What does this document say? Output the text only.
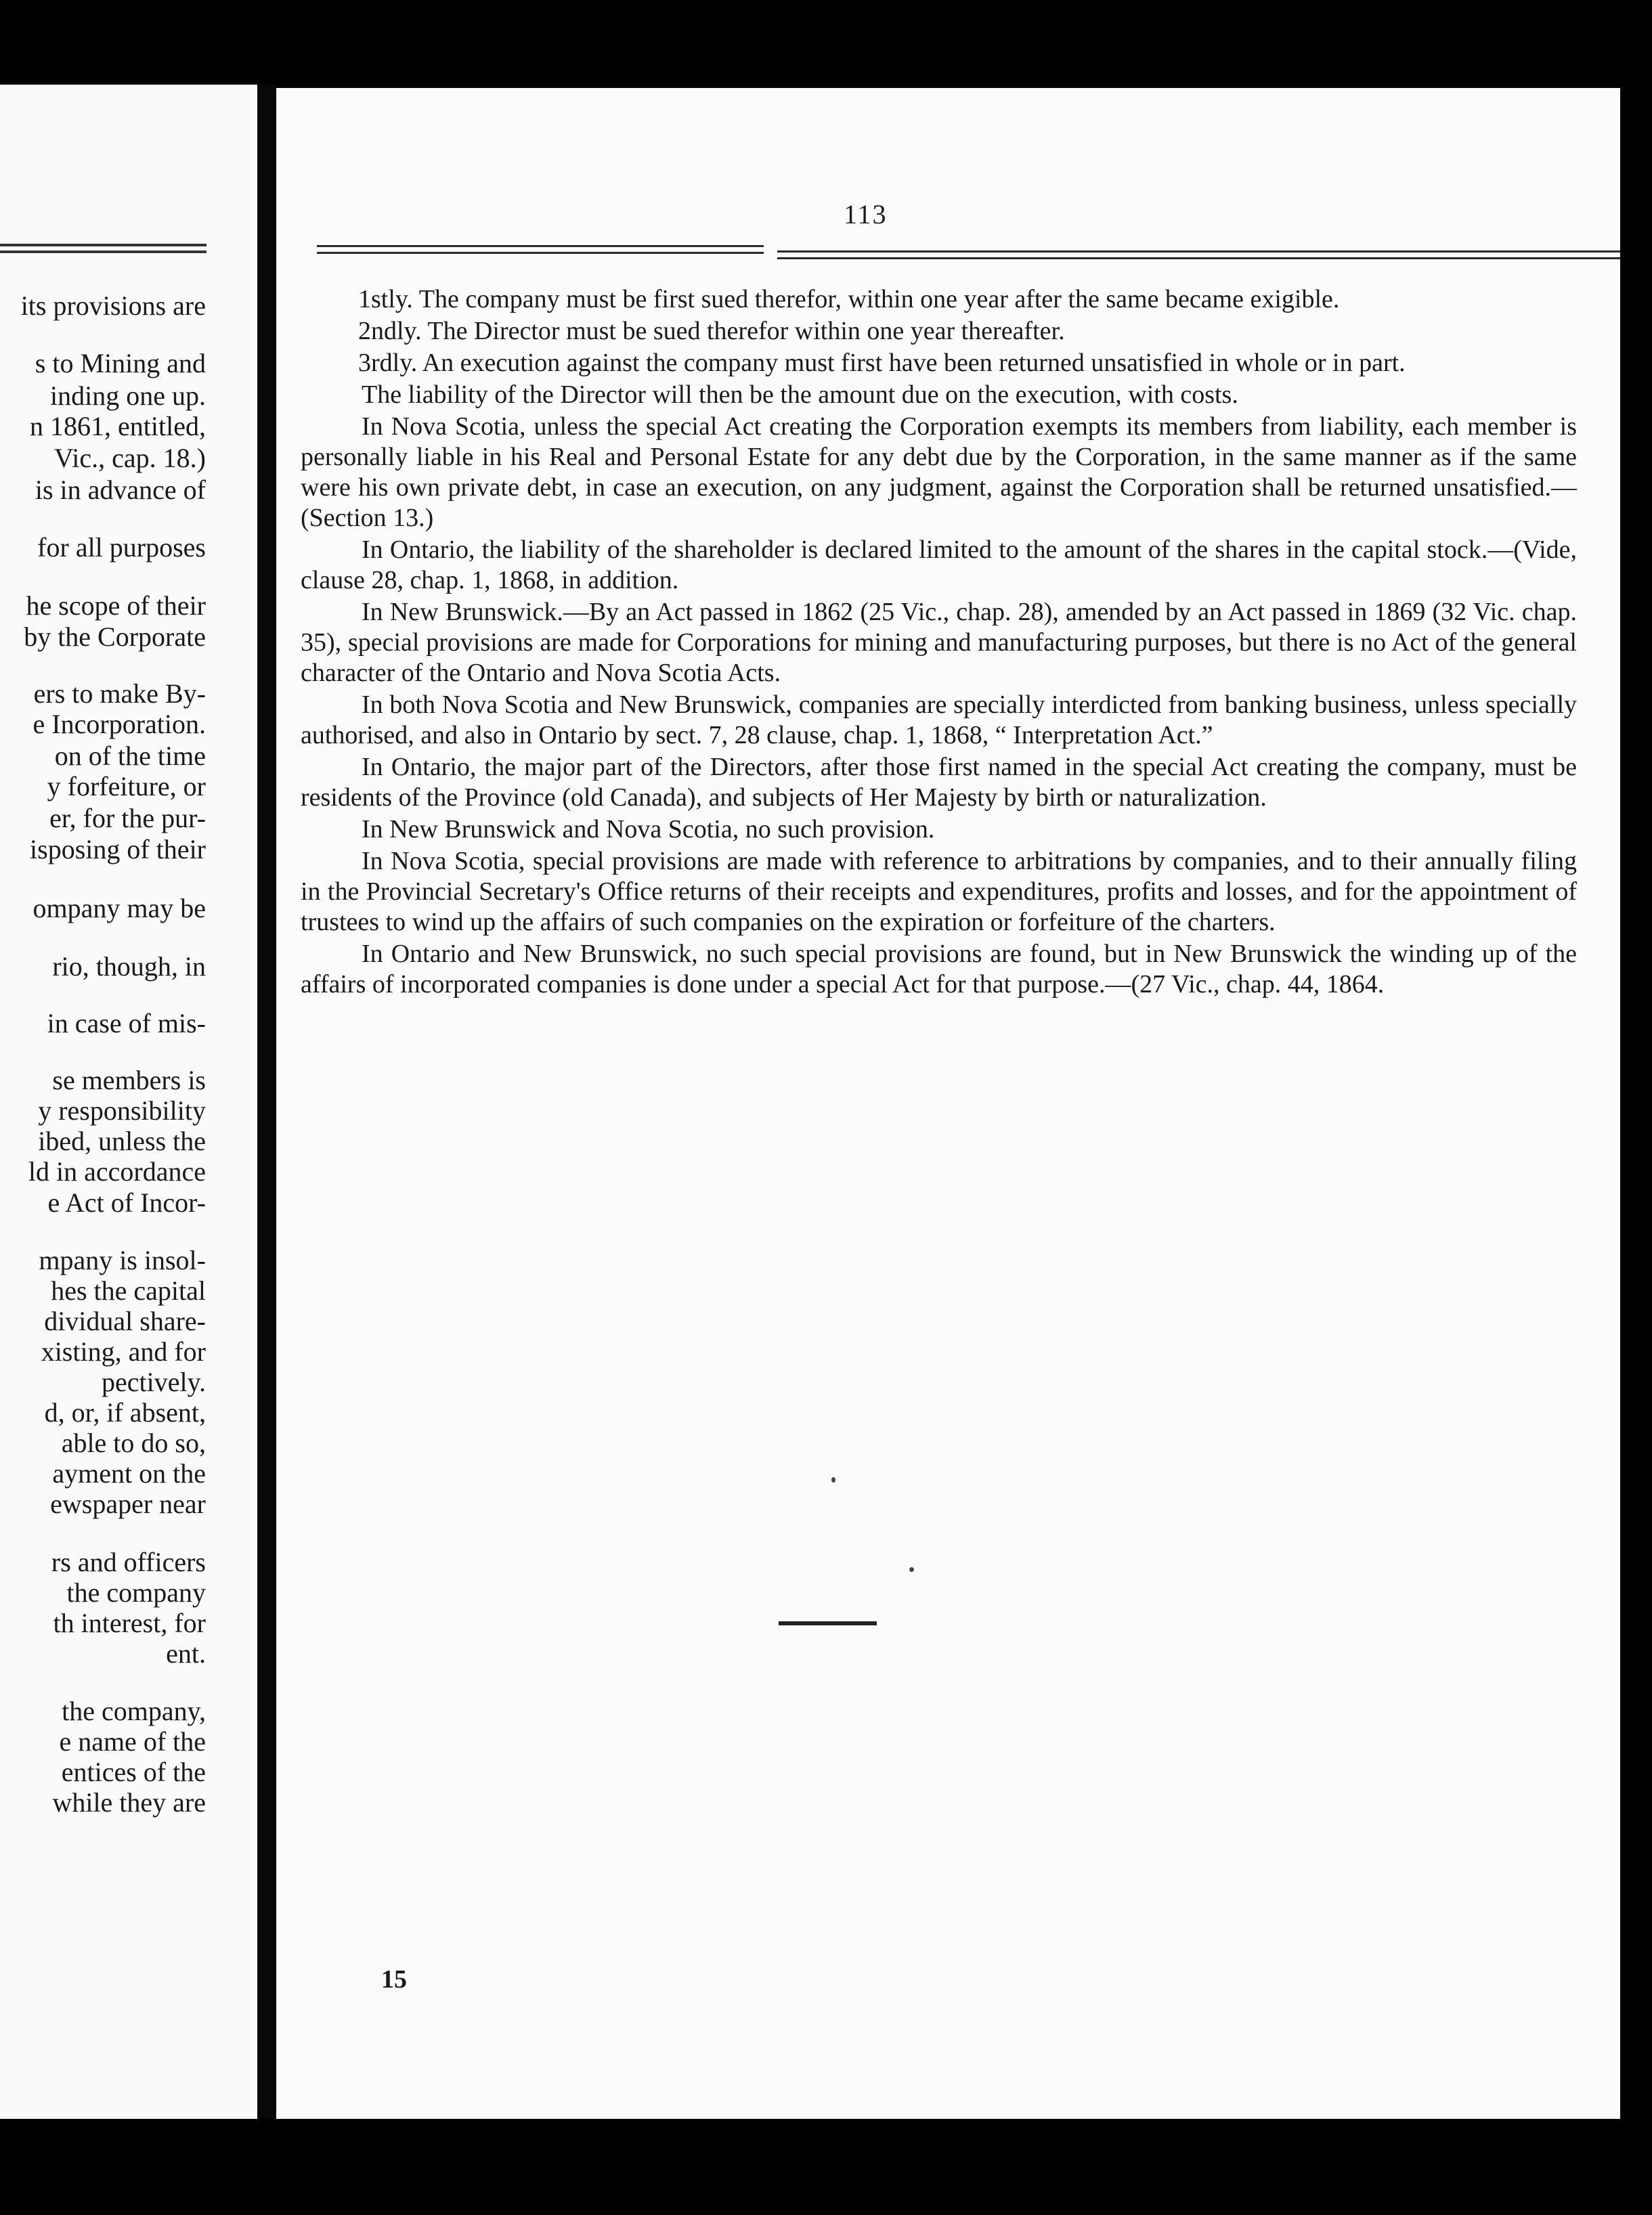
its provisions are
s to Mining and
inding one up.
n 1861, entitled,
Vic., cap. 18.)
is in advance of
for all purposes
he scope of their
by the Corporate
ers to make By-
e Incorporation.
on of the time
y forfeiture, or
er, for the pur-
isposing of their
ompany may be
rio, though, in
in case of mis-
se members is
y responsibility
ibed, unless the
ld in accordance
e Act of Incor-
mpany is insol-
hes the capital
dividual share-
xisting, and for
pectively.
d, or, if absent,
able to do so,
ayment on the
ewspaper near
rs and officers
the company
th interest, for
ent.
the company,
e name of the
entices of the
while they are
113

1stly. The company must be first sued therefor, within one year after the same became exigible.

2ndly. The Director must be sued therefor within one year thereafter.

3rdly. An execution against the company must first have been returned unsatisfied in whole or in part.

The liability of the Director will then be the amount due on the execution, with costs.

In Nova Scotia, unless the special Act creating the Corporation exempts its members from liability, each member is personally liable in his Real and Personal Estate for any debt due by the Corporation, in the same manner as if the same were his own private debt, in case an execution, on any judgment, against the Corporation shall be returned unsatisfied.—(Section 13.)

In Ontario, the liability of the shareholder is declared limited to the amount of the shares in the capital stock.—(Vide, clause 28, chap. 1, 1868, in addition.

In New Brunswick.—By an Act passed in 1862 (25 Vic., chap. 28), amended by an Act passed in 1869 (32 Vic. chap. 35), special provisions are made for Corporations for mining and manufacturing purposes, but there is no Act of the general character of the Ontario and Nova Scotia Acts.

In both Nova Scotia and New Brunswick, companies are specially interdicted from banking business, unless specially authorised, and also in Ontario by sect. 7, 28 clause, chap. 1, 1868, “ Interpretation Act.”

In Ontario, the major part of the Directors, after those first named in the special Act creating the company, must be residents of the Province (old Canada), and subjects of Her Majesty by birth or naturalization.

In New Brunswick and Nova Scotia, no such provision.

In Nova Scotia, special provisions are made with reference to arbitrations by companies, and to their annually filing in the Provincial Secretary's Office returns of their receipts and expenditures, profits and losses, and for the appointment of trustees to wind up the affairs of such companies on the expiration or forfeiture of the charters.

In Ontario and New Brunswick, no such special provisions are found, but in New Brunswick the winding up of the affairs of incorporated companies is done under a special Act for that purpose.—(27 Vic., chap. 44, 1864.

15
